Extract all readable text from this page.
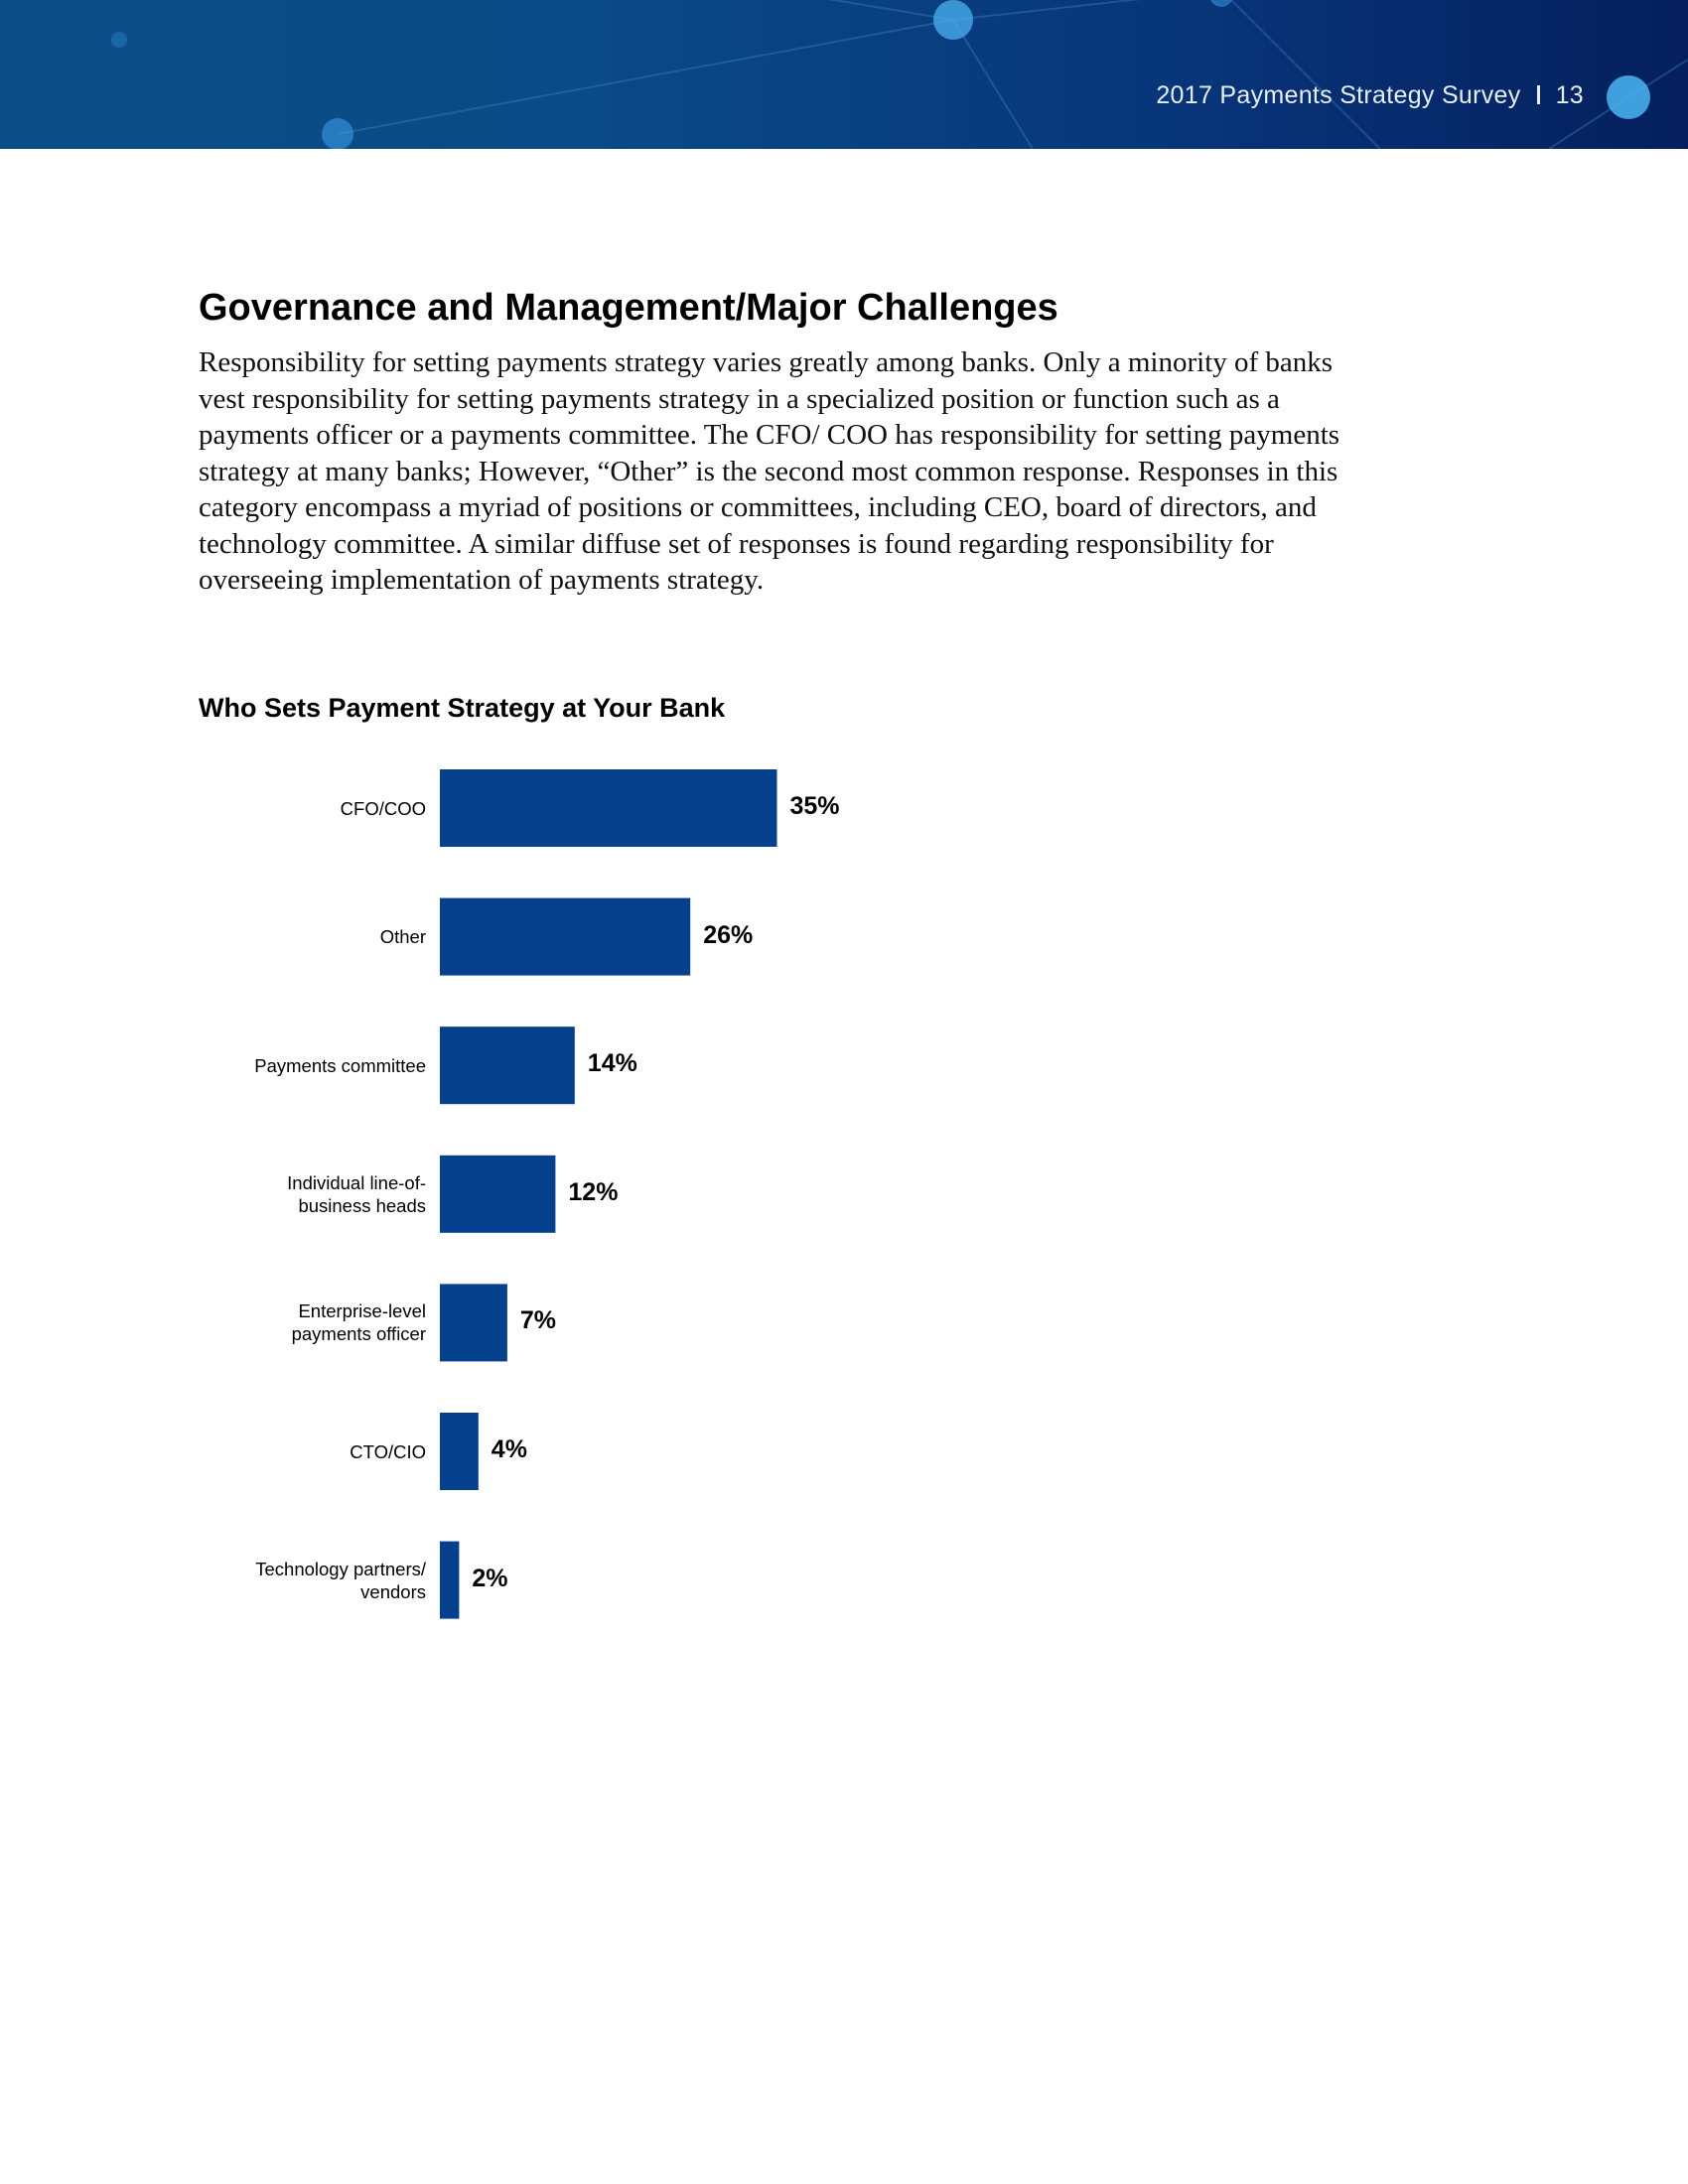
2017 Payments Strategy Survey 13
Governance and Management/Major Challenges

Responsibility for setting payments strategy varies greatly among banks. Only a minority of banks vest responsibility for setting payments strategy in a specialized position or function such as a payments officer or a payments committee. The CFO/ COO has responsibility for setting payments strategy at many banks; However, “Other” is the second most common response. Responses in this category encompass a myriad of positions or committees, including CEO, board of directors, and technology committee. A similar diffuse set of responses is found regarding responsibility for overseeing implementation of payments strategy.

Who Sets Payment Strategy at Your Bank
35%
CFO/COO
26%
Other
14%
Payments committee
12%
Individual line-of-
business heads
7%
Enterprise-level
payments officer
4%
CTO/CIO
2%
Technology partners/
vendors
